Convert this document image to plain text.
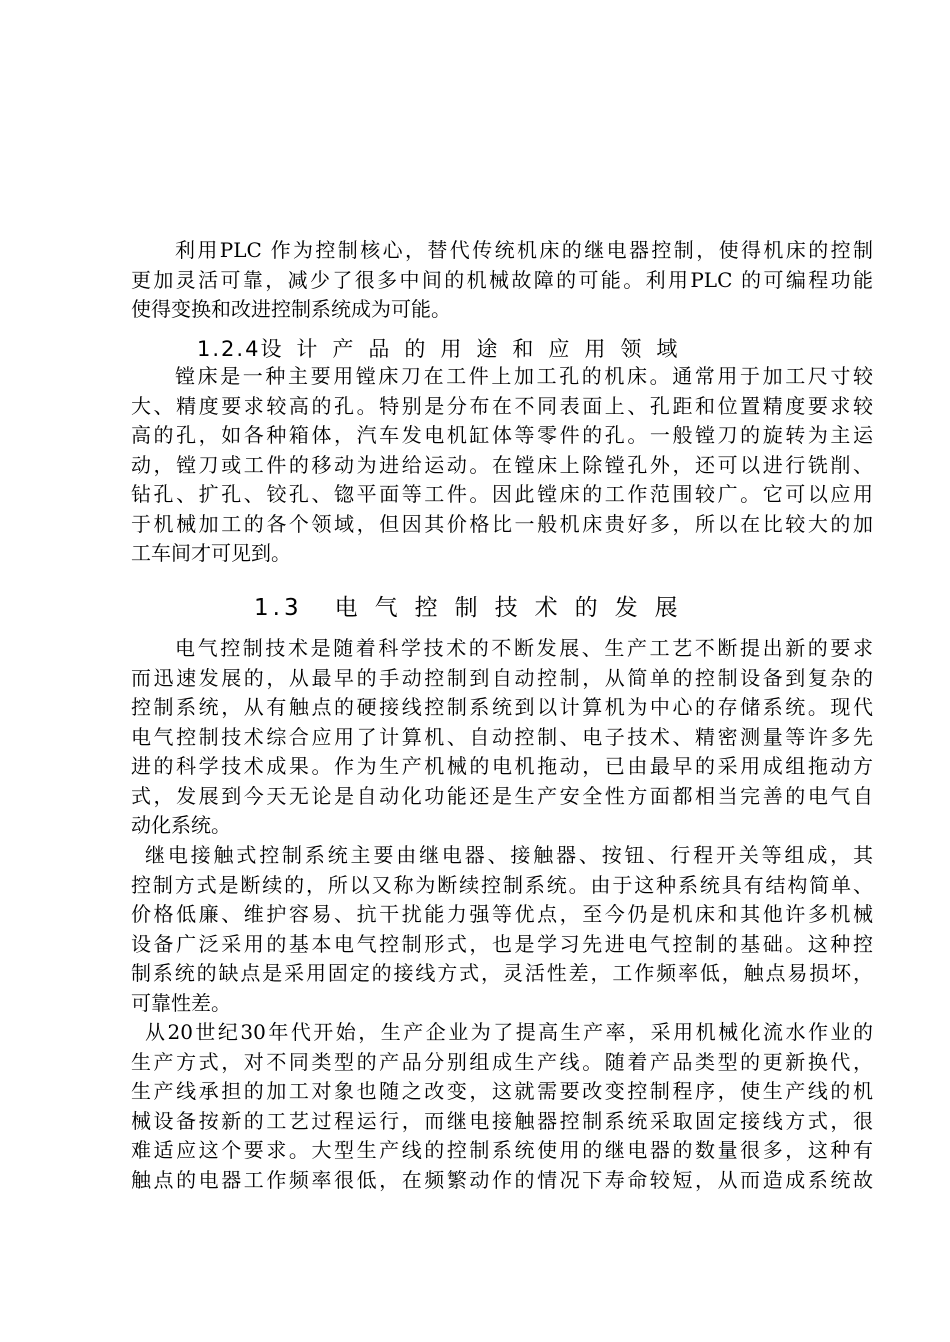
利用PLC 作为控制核心，替代传统机床的继电器控制，使得机床的控制
更加灵活可靠，减少了很多中间的机械故障的可能。利用PLC 的可编程功能
使得变换和改进控制系统成为可能。
1.2.4设计产品的用途和应用领域
镗床是一种主要用镗床刀在工件上加工孔的机床。通常用于加工尺寸较
大、精度要求较高的孔。特别是分布在不同表面上、孔距和位置精度要求较
高的孔，如各种箱体，汽车发电机缸体等零件的孔。一般镗刀的旋转为主运
动，镗刀或工件的移动为进给运动。在镗床上除镗孔外，还可以进行铣削、
钻孔、扩孔、铰孔、锪平面等工件。因此镗床的工作范围较广。它可以应用
于机械加工的各个领域，但因其价格比一般机床贵好多，所以在比较大的加
工车间才可见到。
1.3 电气控制技术的发展
电气控制技术是随着科学技术的不断发展、生产工艺不断提出新的要求
而迅速发展的，从最早的手动控制到自动控制，从简单的控制设备到复杂的
控制系统，从有触点的硬接线控制系统到以计算机为中心的存储系统。现代
电气控制技术综合应用了计算机、自动控制、电子技术、精密测量等许多先
进的科学技术成果。作为生产机械的电机拖动，已由最早的采用成组拖动方
式，发展到今天无论是自动化功能还是生产安全性方面都相当完善的电气自
动化系统。
继电接触式控制系统主要由继电器、接触器、按钮、行程开关等组成，其
控制方式是断续的，所以又称为断续控制系统。由于这种系统具有结构简单、
价格低廉、维护容易、抗干扰能力强等优点，至今仍是机床和其他许多机械
设备广泛采用的基本电气控制形式，也是学习先进电气控制的基础。这种控
制系统的缺点是采用固定的接线方式，灵活性差，工作频率低，触点易损坏，
可靠性差。
从20世纪30年代开始，生产企业为了提高生产率，采用机械化流水作业的
生产方式，对不同类型的产品分别组成生产线。随着产品类型的更新换代，
生产线承担的加工对象也随之改变，这就需要改变控制程序，使生产线的机
械设备按新的工艺过程运行，而继电接触器控制系统采取固定接线方式，很
难适应这个要求。大型生产线的控制系统使用的继电器的数量很多，这种有
触点的电器工作频率很低，在频繁动作的情况下寿命较短，从而造成系统故
